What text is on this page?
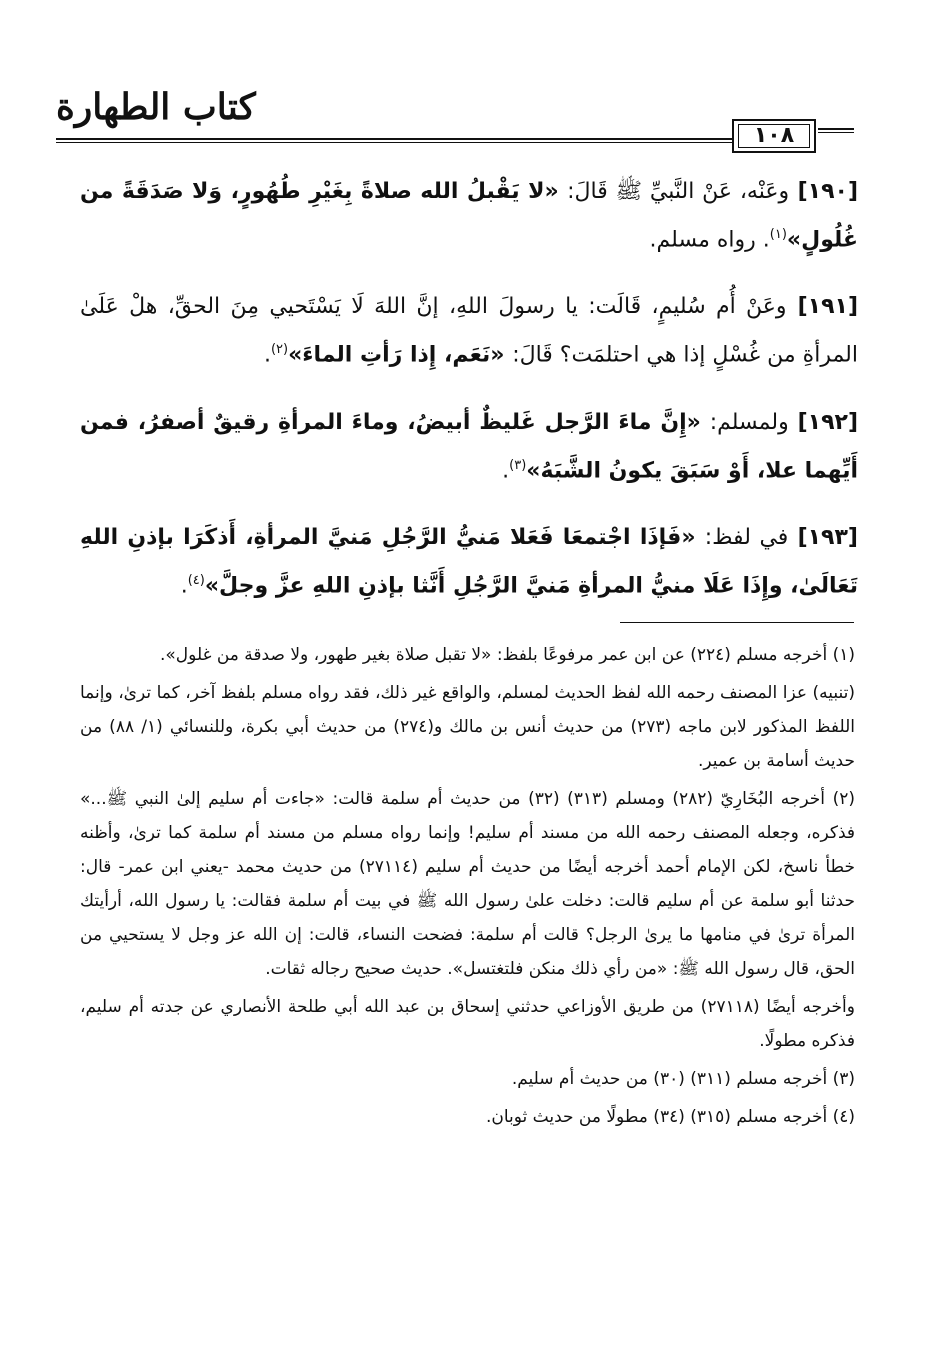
كتاب الطهارة
١٠٨

[١٩٠] وعَنْه، عَنْ النَّبيِّ ﷺ قَالَ: «لا يَقْبلُ الله صلاةً بِغَيْرِ طُهُورٍ، وَلا صَدَقَةً من غُلُولٍ»$^{(١)}$. رواه مسلم.

[١٩١] وعَنْ أُم سُليمٍ، قَالَت: يا رسولَ اللهِ، إنَّ اللهَ لَا يَسْتَحيي مِنَ الحقِّ، هلْ عَلَىٰ المرأةِ من غُسْلٍ إذا هي احتلمَت؟ قَالَ: «نَعَم، إِذا رَأتِ الماءَ»$^{(٢)}$.

[١٩٢] ولمسلم: «إِنَّ ماءَ الرَّجل غَليظٌ أبيضُ، وماءَ المرأةِ رقيقٌ أصفرُ، فمن أَيِّهما علا، أَوْ سَبَقَ يكونُ الشَّبَهُ»$^{(٣)}$.

[١٩٣] في لفظ: «فَإذَا اجْتمعَا فَعَلا مَنيُّ الرَّجُلِ مَنيَّ المرأةِ، أَذكَرَا بإذنِ اللهِ تَعَالَىٰ، وإِذَا عَلَا منيُّ المرأةِ مَنيَّ الرَّجُلِ أَنَّثا بإذنِ اللهِ عزَّ وجلَّ»$^{(٤)}$.

(١) أخرجه مسلم (٢٢٤) عن ابن عمر مرفوعًا بلفظ: «لا تقبل صلاة بغير طهور، ولا صدقة من غلول».

(تنبيه) عزا المصنف رحمه الله لفظ الحديث لمسلم، والواقع غير ذلك، فقد رواه مسلم بلفظ آخر، كما ترىٰ، وإنما اللفظ المذكور لابن ماجه (٢٧٣) من حديث أنس بن مالك و(٢٧٤) من حديث أبي بكرة، وللنسائي (١/ ٨٨) من حديث أسامة بن عمير.

(٢) أخرجه البُخَارِيّ (٢٨٢) ومسلم (٣١٣) (٣٢) من حديث أم سلمة قالت: «جاءت أم سليم إلىٰ النبي ﷺ...» فذكره، وجعله المصنف رحمه الله من مسند أم سليم! وإنما رواه مسلم من مسند أم سلمة كما ترىٰ، وأظنه خطأ ناسخ، لكن الإمام أحمد أخرجه أيضًا من حديث أم سليم (٢٧١١٤) من حديث محمد -يعني ابن عمر- قال: حدثنا أبو سلمة عن أم سليم قالت: دخلت علىٰ رسول الله ﷺ في بيت أم سلمة فقالت: يا رسول الله، أرأيتك المرأة ترىٰ في منامها ما يرىٰ الرجل؟ قالت أم سلمة: فضحت النساء، قالت: إن الله عز وجل لا يستحيي من الحق، قال رسول الله ﷺ: «من رأي ذلك منكن فلتغتسل». حديث صحيح رجاله ثقات.

وأخرجه أيضًا (٢٧١١٨) من طريق الأوزاعي حدثني إسحاق بن عبد الله أبي طلحة الأنصاري عن جدته أم سليم، فذكره مطولًا.

(٣) أخرجه مسلم (٣١١) (٣٠) من حديث أم سليم.

(٤) أخرجه مسلم (٣١٥) (٣٤) مطولًا من حديث ثوبان.
